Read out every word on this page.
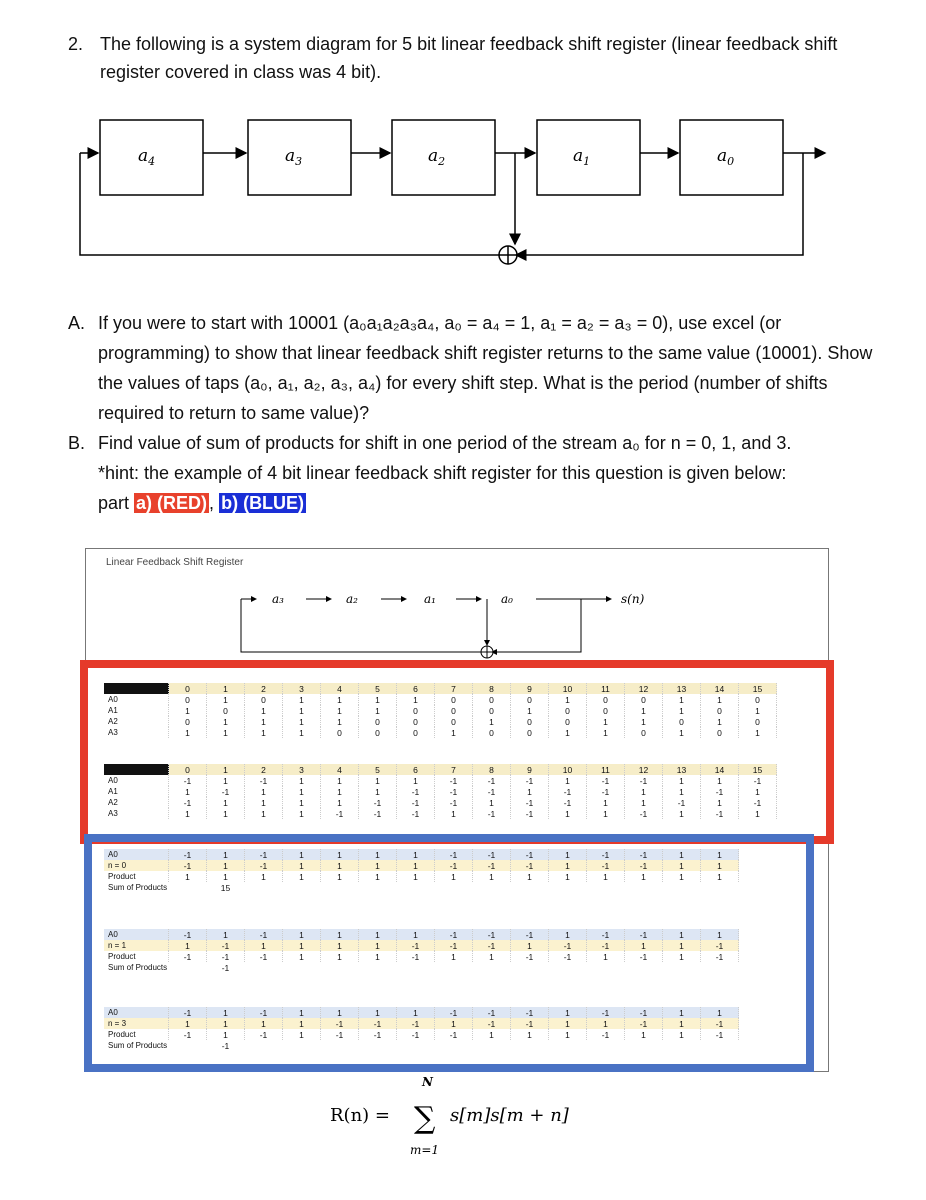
2. The following is a system diagram for 5 bit linear feedback shift register (linear feedback shift register covered in class was 4 bit).
$a_4$	$a_3$	$a_2$	$a_1$	$a_0$
A. If you were to start with 10001 (a₀a₁a₂a₃a₄, a₀ = a₄ = 1, a₁ = a₂ = a₃ = 0), use excel (or programming) to show that linear feedback shift register returns to the same value (10001). Show the values of taps (a₀, a₁, a₂, a₃, a₄) for every shift step. What is the period (number of shifts required to return to same value)?
B. Find value of sum of products for shift in one period of the stream a₀ for n = 0, 1, and 3.
*hint: the example of 4 bit linear feedback shift register for this question is given below:
part a) (RED) , b) (BLUE)
Linear Feedback Shift Register
a₃	a₂	a₁	a₀	s(n)
	0	1	2	3	4	5	6	7	8	9	10	11	12	13	14	15
A0	0	1	0	1	1	1	1	0	0	0	1	0	0	1	1	0
A1	1	0	1	1	1	1	0	0	0	1	0	0	1	1	0	1
A2	0	1	1	1	1	0	0	0	1	0	0	1	1	0	1	0
A3	1	1	1	1	0	0	0	1	0	0	1	1	0	1	0	1
	0	1	2	3	4	5	6	7	8	9	10	11	12	13	14	15
A0	-1	1	-1	1	1	1	1	-1	-1	-1	1	-1	-1	1	1	-1
A1	1	-1	1	1	1	1	-1	-1	-1	1	-1	-1	1	1	-1	1
A2	-1	1	1	1	1	-1	-1	-1	1	-1	-1	1	1	-1	1	-1
A3	1	1	1	1	-1	-1	-1	1	-1	-1	1	1	-1	1	-1	1
A0	-1	1	-1	1	1	1	1	-1	-1	-1	1	-1	-1	1	1
n = 0	-1	1	-1	1	1	1	1	-1	-1	-1	1	-1	-1	1	1
Product	1	1	1	1	1	1	1	1	1	1	1	1	1	1	1
Sum of Products		15													
A0	-1	1	-1	1	1	1	1	-1	-1	-1	1	-1	-1	1	1
n = 1	1	-1	1	1	1	1	-1	-1	-1	1	-1	-1	1	1	-1
Product	-1	-1	-1	1	1	1	-1	1	1	-1	-1	1	-1	1	-1
Sum of Products		-1													
A0	-1	1	-1	1	1	1	1	-1	-1	-1	1	-1	-1	1	1
n = 3	1	1	1	1	-1	-1	-1	1	-1	-1	1	1	-1	1	-1
Product	-1	1	-1	1	-1	-1	-1	-1	1	1	1	-1	1	1	-1
Sum of Products		-1													
R(n) =
N
∑
m=1
s[m]s[m + n]
